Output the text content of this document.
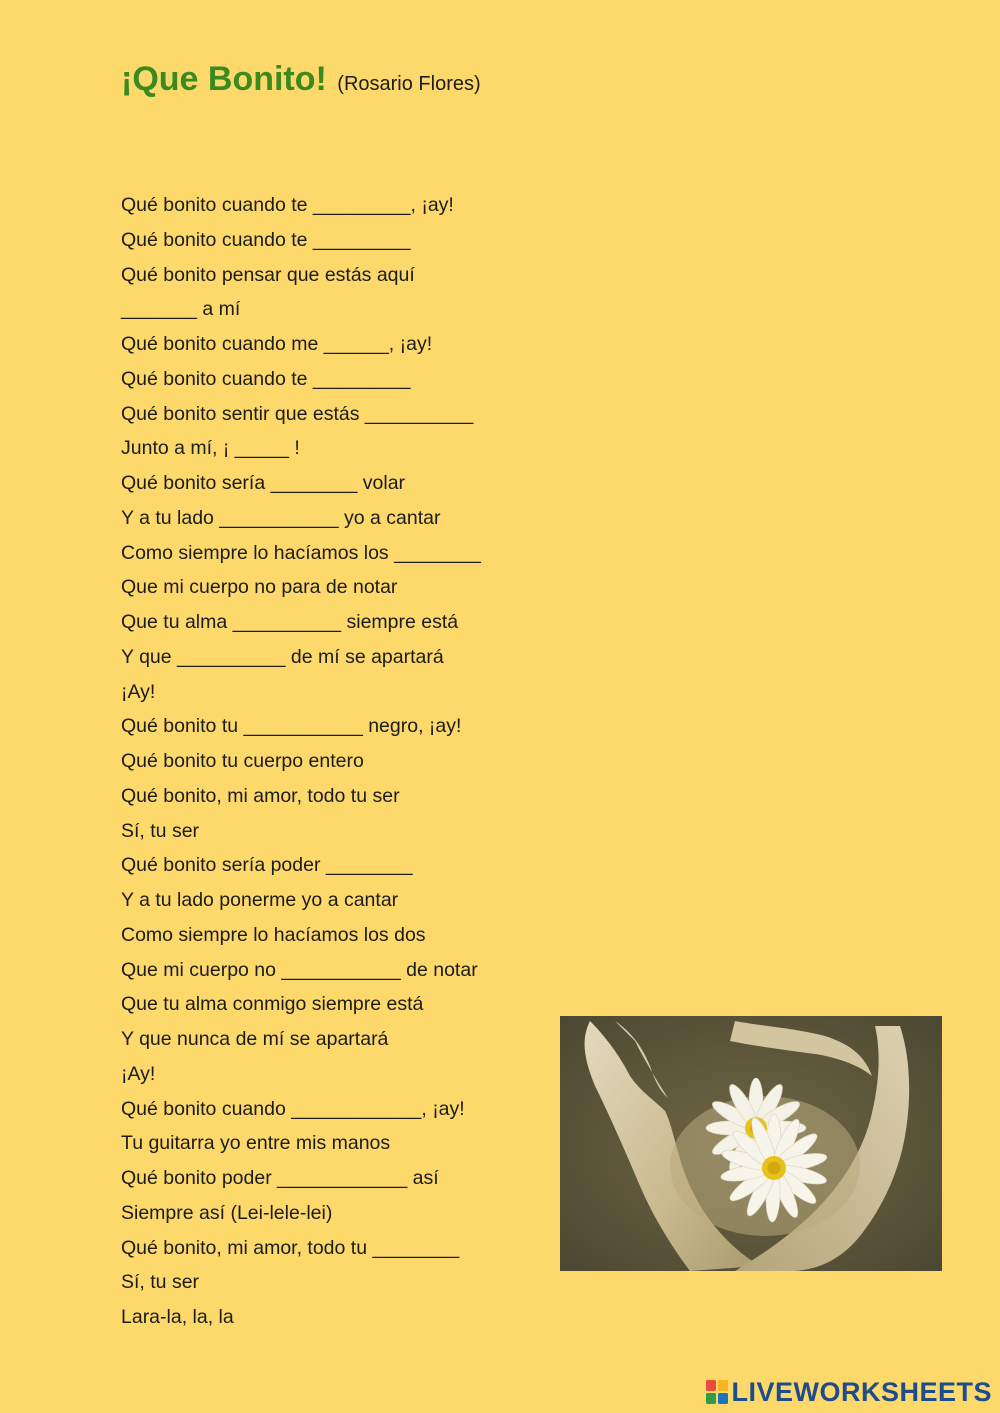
¡Que Bonito! (Rosario Flores)
Qué bonito cuando te _________, ¡ay!
Qué bonito cuando te _________
Qué bonito pensar que estás aquí
_______ a mí
Qué bonito cuando me ______, ¡ay!
Qué bonito cuando te _________
Qué bonito sentir que estás __________
Junto a mí, ¡ _____ !
Qué bonito sería ________ volar
Y a tu lado ___________ yo a cantar
Como siempre lo hacíamos los ________
Que mi cuerpo no para de notar
Que tu alma __________ siempre está
Y que __________ de mí se apartará
¡Ay!
Qué bonito tu ___________ negro, ¡ay!
Qué bonito tu cuerpo entero
Qué bonito, mi amor, todo tu ser
Sí, tu ser
Qué bonito sería poder ________
Y a tu lado ponerme yo a cantar
Como siempre lo hacíamos los dos
Que mi cuerpo no ___________ de notar
Que tu alma conmigo siempre está
Y que nunca de mí se apartará
¡Ay!
Qué bonito cuando ____________, ¡ay!
Tu guitarra yo entre mis manos
Qué bonito poder ____________ así
Siempre así (Lei-lele-lei)
Qué bonito, mi amor, todo tu ________
Sí, tu ser
Lara-la, la, la
LIVEWORKSHEETS
